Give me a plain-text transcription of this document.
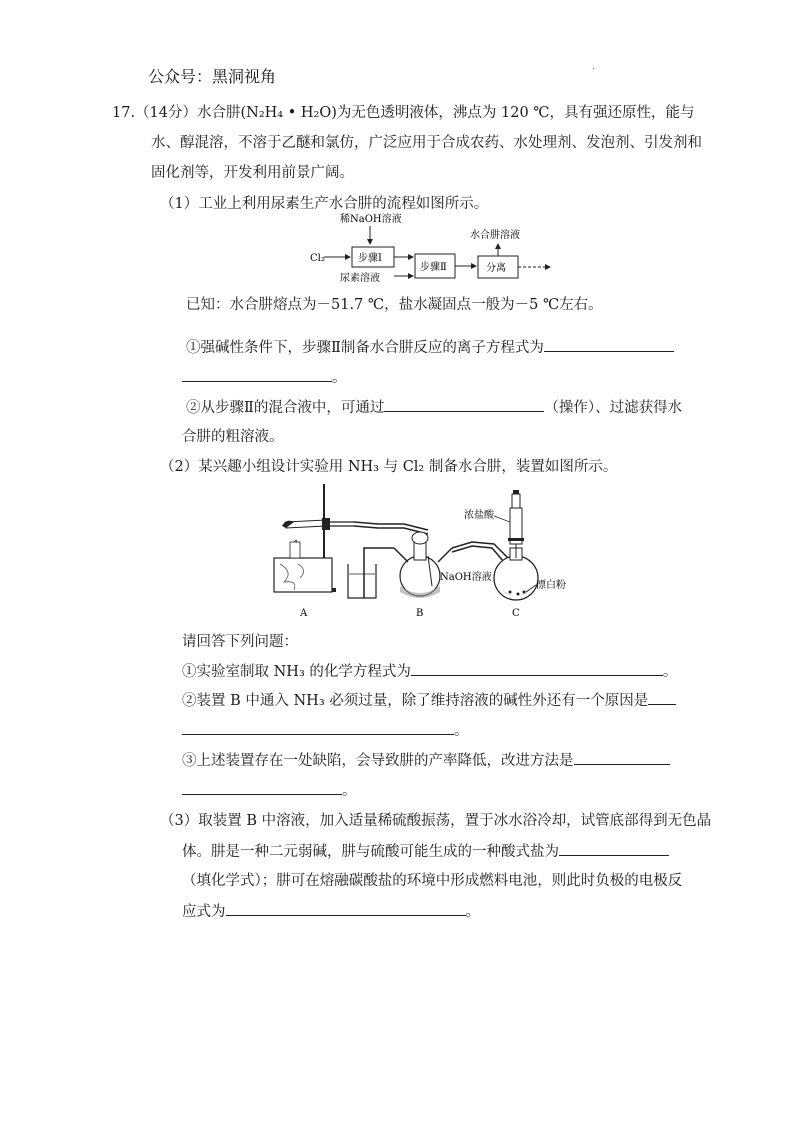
公众号：黑洞视角	·
17.（14分）水合肼(N₂H₄ • H₂O)为无色透明液体，沸点为 120 ℃，具有强还原性，能与
水、醇混溶，不溶于乙醚和氯仿，广泛应用于合成农药、水处理剂、发泡剂、引发剂和
固化剂等，开发利用前景广阔。
（1）工业上利用尿素生产水合肼的流程如图所示。
稀NaOH溶液
Cl₂	步骤Ⅰ
尿素溶液
步骤Ⅱ	分离
水合肼溶液
已知：水合肼熔点为－51.7 ℃，盐水凝固点一般为－5 ℃左右。
①强碱性条件下，步骤Ⅱ制备水合肼反应的离子方程式为
。
②从步骤Ⅱ的混合液中，可通过	（操作）、过滤获得水
合肼的粗溶液。
（2）某兴趣小组设计实验用 NH₃ 与 Cl₂ 制备水合肼，装置如图所示。
A	B
NaOH溶液
C
浓盐酸
漂白粉
请回答下列问题：
①实验室制取 NH₃ 的化学方程式为	。
②装置 B 中通入 NH₃ 必须过量，除了维持溶液的碱性外还有一个原因是
。
③上述装置存在一处缺陷，会导致肼的产率降低，改进方法是
。
（3）取装置 B 中溶液，加入适量稀硫酸振荡，置于冰水浴冷却，试管底部得到无色晶
体。肼是一种二元弱碱，肼与硫酸可能生成的一种酸式盐为
（填化学式）；肼可在熔融碳酸盐的环境中形成燃料电池，则此时负极的电极反
应式为	。
